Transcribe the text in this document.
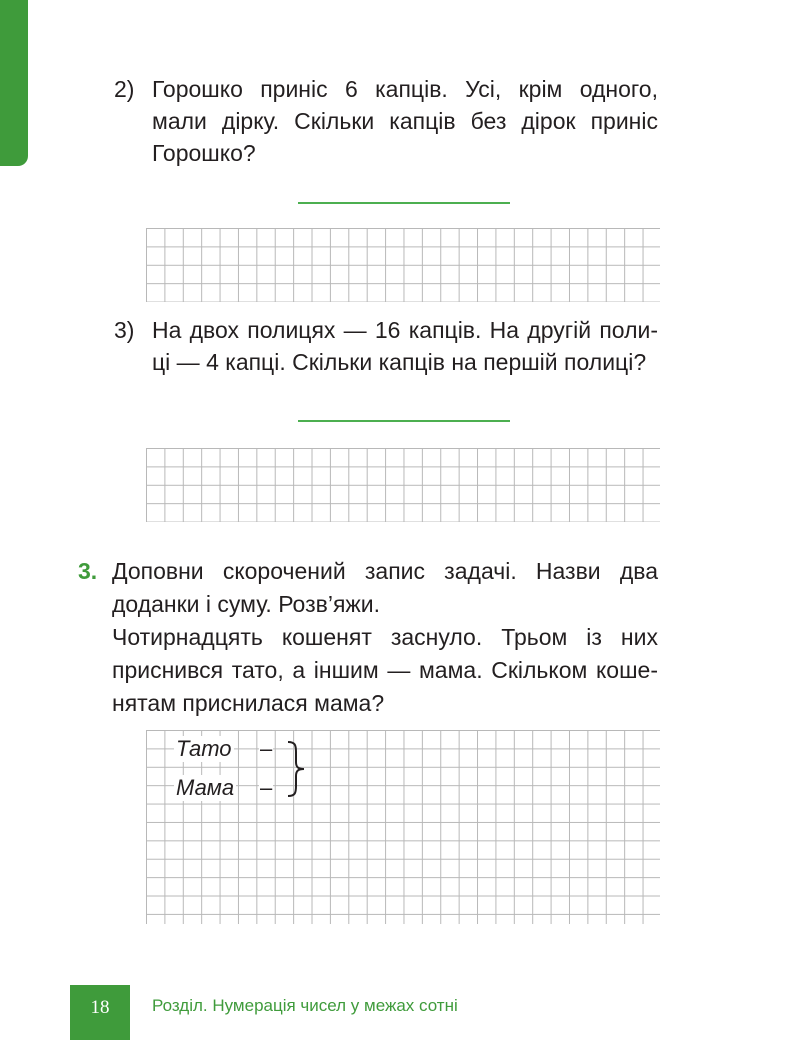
2) Горошко приніс 6 капців. Усі, крім одного,
мали дірку. Скільки капців без дірок приніс
Горошко?
3) На двох полицях — 16 капців. На другій поли-
ці — 4 капці. Скільки капців на першій полиці?
3. Доповни скорочений запис задачі. Назви два
доданки і суму. Розв’яжи.
Чотирнадцять кошенят заснуло. Трьом із них
приснився тато, а іншим — мама. Скільком коше-
нятам приснилася мама?
Тато –
Мама –
18	Розділ. Нумерація чисел у межах сотні
